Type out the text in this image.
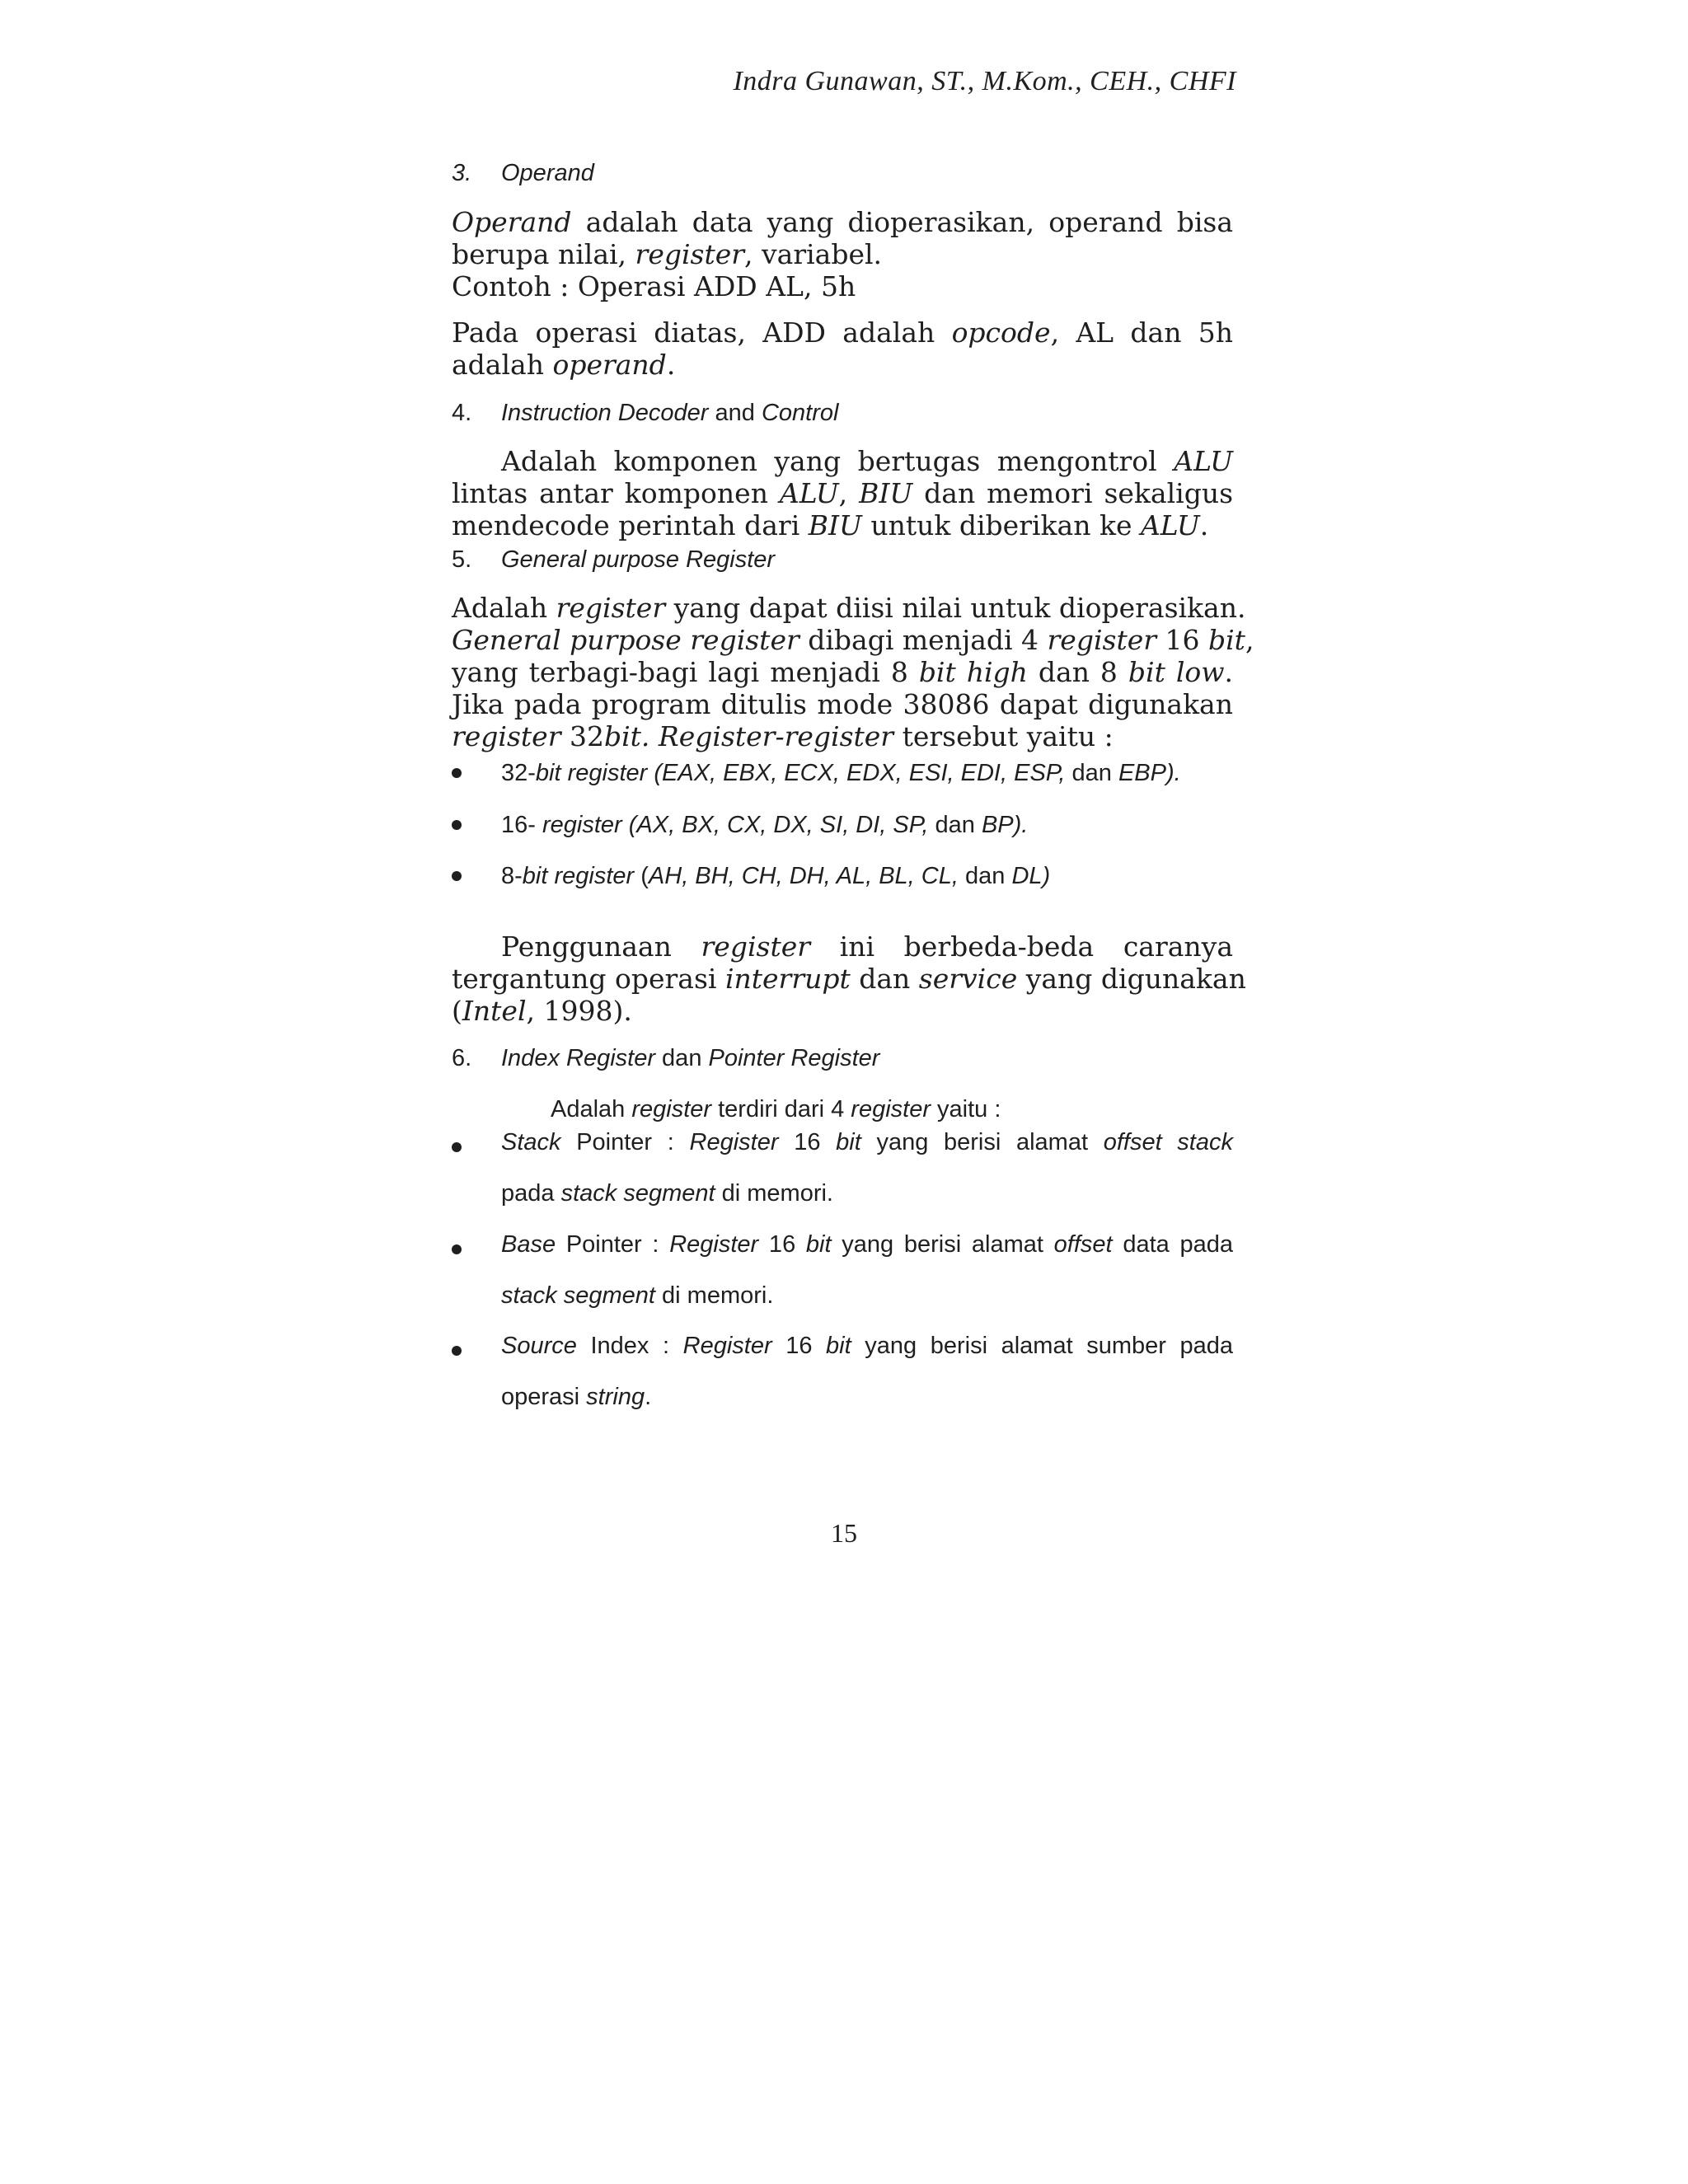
Indra Gunawan, ST., M.Kom., CEH., CHFI
3. Operand
Operand adalah data yang dioperasikan, operand bisa
berupa nilai, register, variabel.
Contoh : Operasi ADD AL, 5h
Pada operasi diatas, ADD adalah opcode, AL dan 5h
adalah operand.
4. Instruction Decoder and Control
Adalah komponen yang bertugas mengontrol ALU
lintas antar komponen ALU, BIU dan memori sekaligus
mendecode perintah dari BIU untuk diberikan ke ALU.
5. General purpose Register
Adalah register yang dapat diisi nilai untuk dioperasikan.
General purpose register dibagi menjadi 4 register 16 bit,
yang terbagi-bagi lagi menjadi 8 bit high dan 8 bit low.
Jika pada program ditulis mode 38086 dapat digunakan
register 32bit. Register-register tersebut yaitu :
32-bit register (EAX, EBX, ECX, EDX, ESI, EDI, ESP, dan EBP).
16- register (AX, BX, CX, DX, SI, DI, SP, dan BP).
8-bit register (AH, BH, CH, DH, AL, BL, CL, dan DL)
Penggunaan register ini berbeda-beda caranya
tergantung operasi interrupt dan service yang digunakan
(Intel, 1998).
6. Index Register dan Pointer Register
Adalah register terdiri dari 4 register yaitu :
Stack Pointer : Register 16 bit yang berisi alamat offset stack
pada stack segment di memori.
Base Pointer : Register 16 bit yang berisi alamat offset data pada
stack segment di memori.
Source Index : Register 16 bit yang berisi alamat sumber pada
operasi string.
15
